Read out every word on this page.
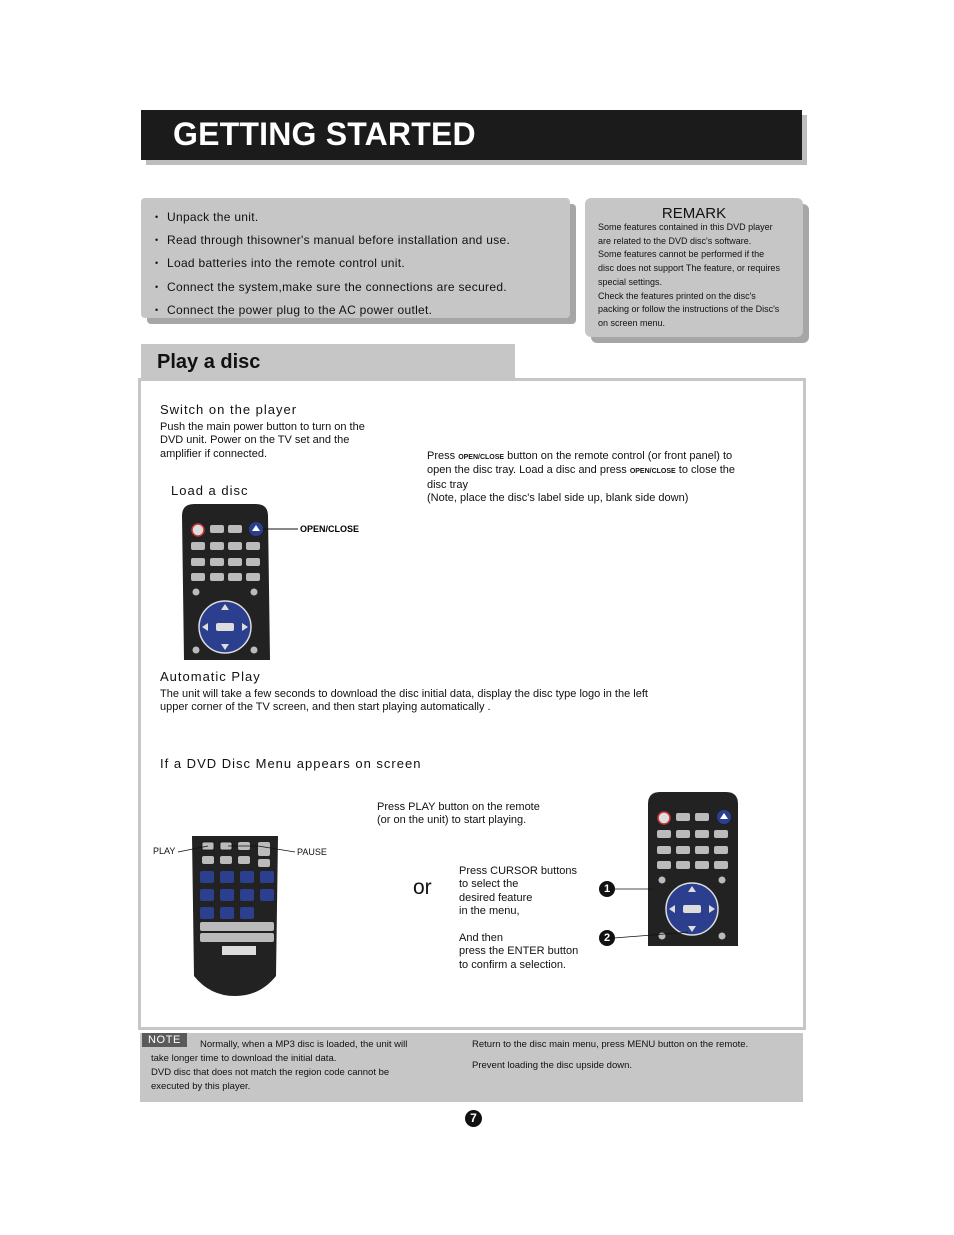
GETTING STARTED
• Unpack the unit.
• Read through thisowner's manual before installation and use.
• Load batteries into the remote control unit.
• Connect the system,make sure the connections are secured.
• Connect the power plug to the AC power outlet.
REMARK
Some features contained in this DVD player
are related to the DVD disc's software.
Some features cannot be performed if the
disc does not support The feature, or requires
special settings.
Check the features printed on the disc's
packing or follow the instructions of the Disc's
on screen menu.
Play a disc
Switch on the player
Push the main power button to turn on the
DVD unit. Power on the TV set and the
amplifier if connected.	Press OPEN/CLOSE button on the remote control (or front panel) to
open the disc tray. Load a disc and press OPEN/CLOSE to close the
disc tray
(Note, place the disc's label side up, blank side down)
Load a disc
OPEN/CLOSE
Automatic Play
The unit will take a few seconds to download the disc initial data, display the disc type logo in the left
upper corner of the TV screen, and then start playing automatically .
If a DVD Disc Menu appears on screen
Press PLAY button on the remote
(or on the unit) to start playing.
PLAY	PAUSE
or
Press CURSOR buttons
to select the
desired feature
in the menu,
And then
press the ENTER button
to confirm a selection.
1
2
NOTE	Normally, when a MP3 disc is loaded, the unit will
take longer time to download the initial data.
DVD disc that does not match the region code cannot be
executed by this player.
Return to the disc main menu, press MENU button on the remote.
Prevent loading the disc upside down.
7
